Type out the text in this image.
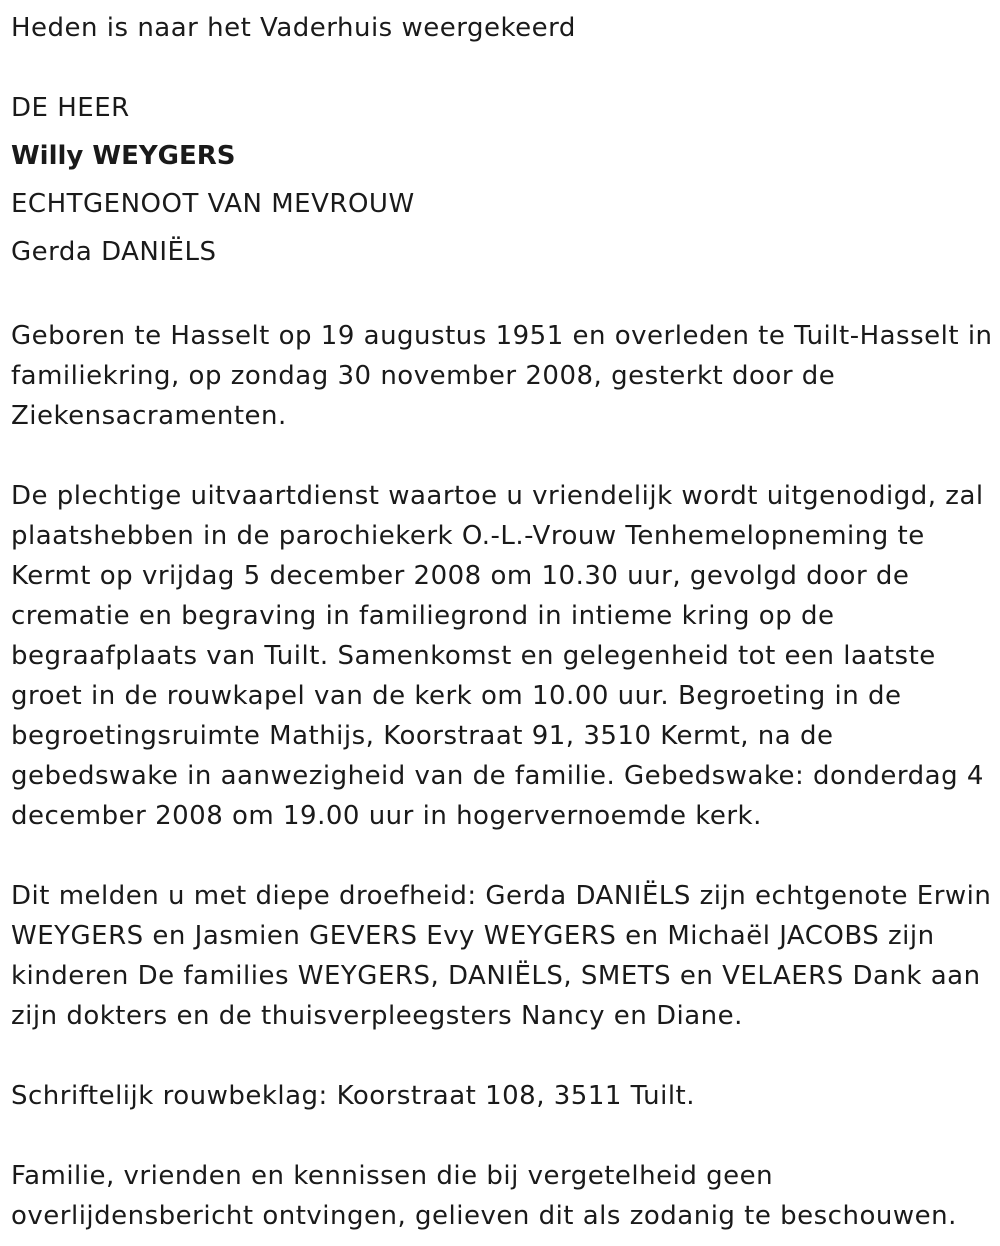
Heden is naar het Vaderhuis weergekeerd
DE HEER
Willy WEYGERS
ECHTGENOOT VAN MEVROUW
Gerda DANIËLS
Geboren te Hasselt op 19 augustus 1951 en overleden te Tuilt-Hasselt in
familiekring, op zondag 30 november 2008, gesterkt door de
Ziekensacramenten.
De plechtige uitvaartdienst waartoe u vriendelijk wordt uitgenodigd, zal
plaatshebben in de parochiekerk O.-L.-Vrouw Tenhemelopneming te
Kermt op vrijdag 5 december 2008 om 10.30 uur, gevolgd door de
crematie en begraving in familiegrond in intieme kring op de
begraafplaats van Tuilt. Samenkomst en gelegenheid tot een laatste
groet in de rouwkapel van de kerk om 10.00 uur. Begroeting in de
begroetingsruimte Mathijs, Koorstraat 91, 3510 Kermt, na de
gebedswake in aanwezigheid van de familie. Gebedswake: donderdag 4
december 2008 om 19.00 uur in hogervernoemde kerk.
Dit melden u met diepe droefheid: Gerda DANIËLS zijn echtgenote Erwin
WEYGERS en Jasmien GEVERS Evy WEYGERS en Michaël JACOBS zijn
kinderen De families WEYGERS, DANIËLS, SMETS en VELAERS Dank aan
zijn dokters en de thuisverpleegsters Nancy en Diane.
Schriftelijk rouwbeklag: Koorstraat 108, 3511 Tuilt.
Familie, vrienden en kennissen die bij vergetelheid geen
overlijdensbericht ontvingen, gelieven dit als zodanig te beschouwen.
